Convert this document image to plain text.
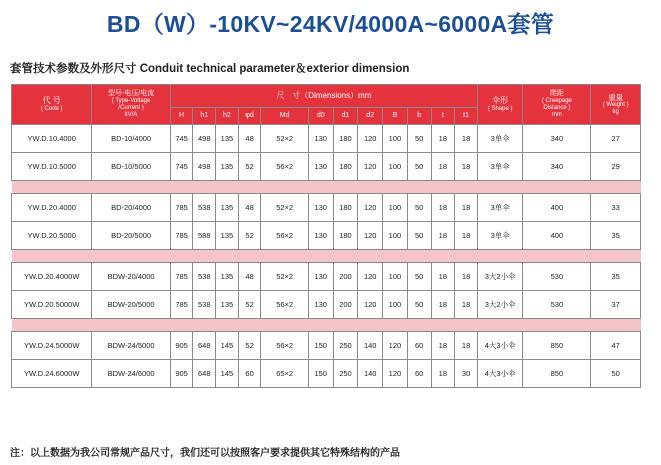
BD（W）-10KV~24KV/4000A~6000A套管
套管技术参数及外形尺寸 Conduit technical parameter＆exterior dimension
代 号
( Code )	型号-电压/电流
( Type-Voltage
/Current )
kV/A	尺　寸（Dimensions）mm												伞形
( Shape )	爬距
( Creepage
Distance )
mm	重量
( Weight )
kg

		H	h1	h2	φd	Md	d0	d1	d2	B	b	t	t1			
YW.D.10.4000	BD-10/4000	745	498	135	48	52×2	130	180	120	100	50	18	18	3单伞	340	27
YW.D.10.5000	BD-10/5000	745	498	135	52	56×2	130	180	120	100	50	18	18	3单伞	340	29

YW.D.20.4000	BD-20/4000	785	538	135	48	52×2	130	180	120	100	50	18	18	3单伞	400	33
YW.D.20.5000	BD-20/5000	785	588	135	52	56×2	130	180	120	100	50	18	18	3单伞	400	35

YW.D.20.4000W	BDW-20/4000	785	538	135	48	52×2	130	200	120	100	50	18	18	3大2小伞	530	35
YW.D.20.5000W	BDW-20/5000	785	538	135	52	56×2	130	200	120	100	50	18	18	3大2小伞	530	37

YW.D.24.5000W	BDW-24/5000	905	648	145	52	56×2	150	250	140	120	60	18	18	4大3小伞	850	47
YW.D.24.6000W	BDW-24/6000	905	648	145	60	65×2	150	250	140	120	60	18	30	4大3小伞	850	50
注：以上数据为我公司常规产品尺寸，我们还可以按照客户要求提供其它特殊结构的产品
